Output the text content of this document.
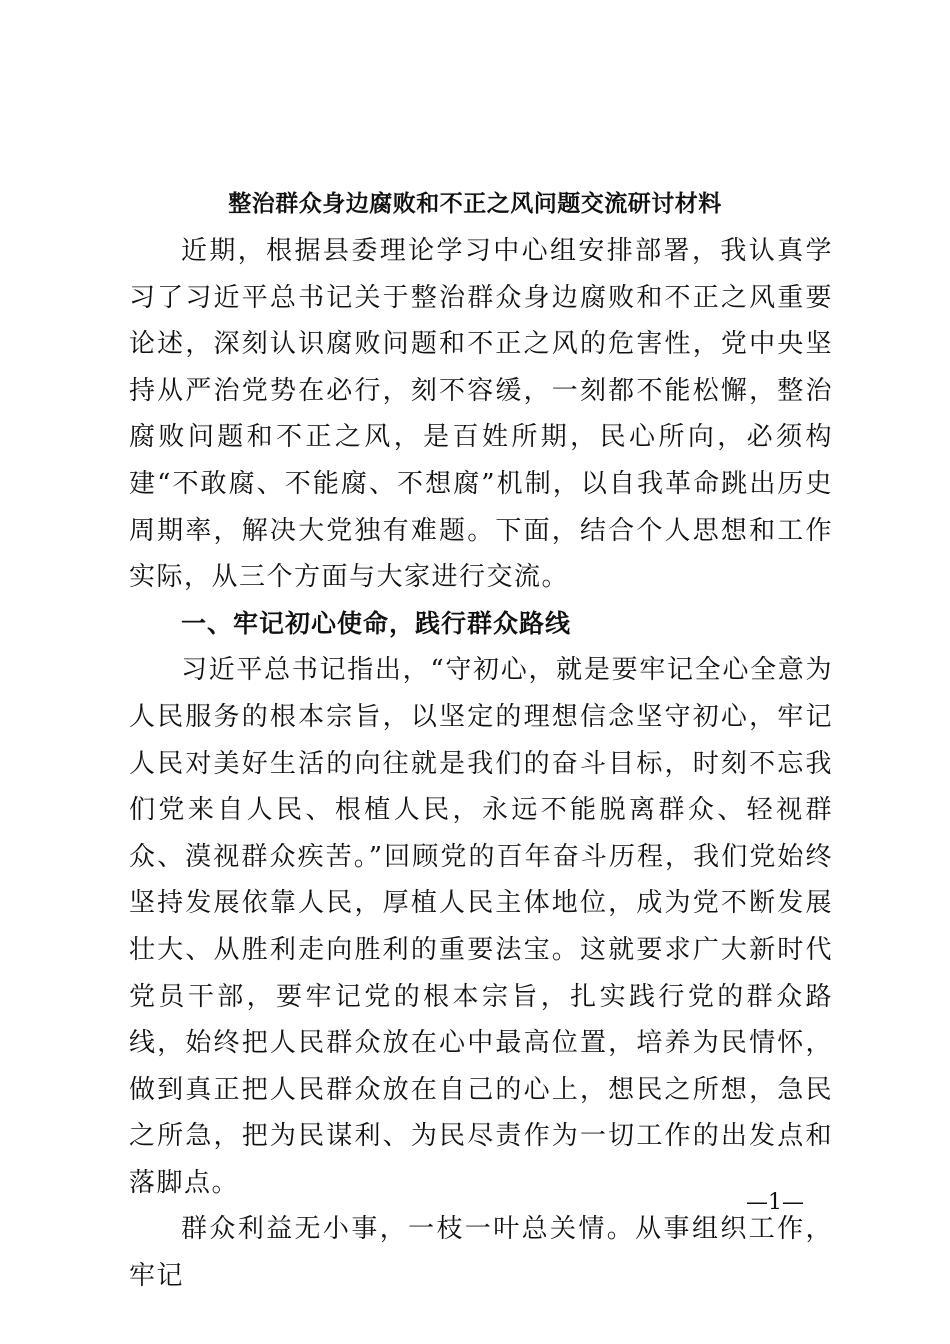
整治群众身边腐败和不正之风问题交流研讨材料

近期，根据县委理论学习中心组安排部署，我认真学习了习近平总书记关于整治群众身边腐败和不正之风重要论述，深刻认识腐败问题和不正之风的危害性，党中央坚持从严治党势在必行，刻不容缓，一刻都不能松懈，整治腐败问题和不正之风，是百姓所期，民心所向，必须构建“不敢腐、不能腐、不想腐”机制，以自我革命跳出历史周期率，解决大党独有难题。下面，结合个人思想和工作实际，从三个方面与大家进行交流。

一、牢记初心使命，践行群众路线

习近平总书记指出，“守初心，就是要牢记全心全意为人民服务的根本宗旨，以坚定的理想信念坚守初心，牢记人民对美好生活的向往就是我们的奋斗目标，时刻不忘我们党来自人民、根植人民，永远不能脱离群众、轻视群众、漠视群众疾苦。”回顾党的百年奋斗历程，我们党始终坚持发展依靠人民，厚植人民主体地位，成为党不断发展壮大、从胜利走向胜利的重要法宝。这就要求广大新时代党员干部，要牢记党的根本宗旨，扎实践行党的群众路线，始终把人民群众放在心中最高位置，培养为民情怀，做到真正把人民群众放在自己的心上，想民之所想，急民之所急，把为民谋利、为民尽责作为一切工作的出发点和落脚点。

群众利益无小事，一枝一叶总关情。从事组织工作，牢记

—1—
